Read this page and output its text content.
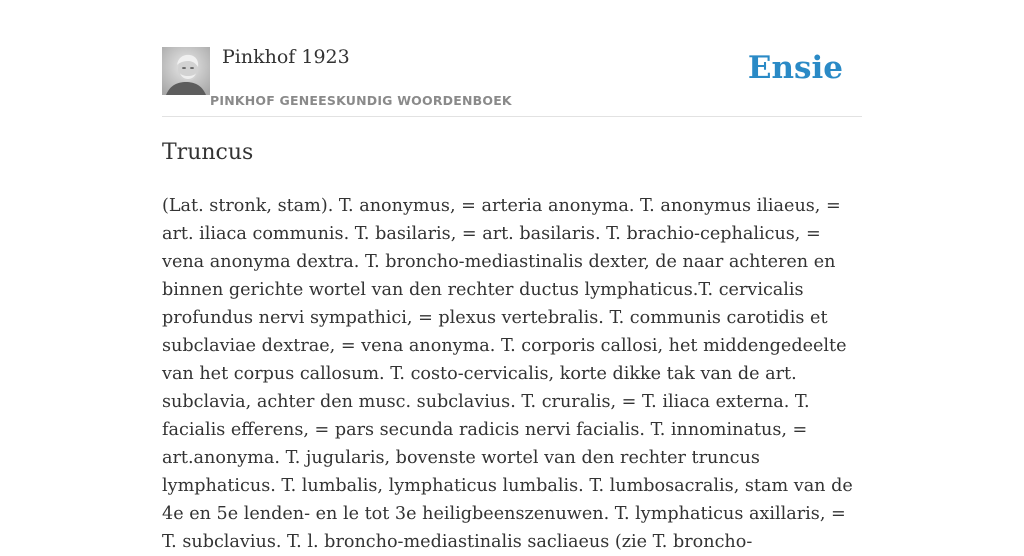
Pinkhof 1923
PINKHOF GENEESKUNDIG WOORDENBOEK
Ensie
Truncus

(Lat. stronk, stam). T. anonymus, = arteria anonyma. T. anonymus iliaeus, = art. iliaca communis. T. basilaris, = art. basilaris. T. brachio-cephalicus, = vena anonyma dextra. T. broncho-mediastinalis dexter, de naar achteren en binnen gerichte wortel van den rechter ductus lymphaticus.T. cervicalis profundus nervi sympathici, = plexus vertebralis. T. communis carotidis et subclaviae dextrae, = vena anonyma. T. corporis callosi, het middengedeelte van het corpus callosum. T. costo-cervicalis, korte dikke tak van de art. subclavia, achter den musc. subclavius. T. cruralis, = T. iliaca externa. T. facialis efferens, = pars secunda radicis nervi facialis. T. innominatus, = art.anonyma. T. jugularis, bovenste wortel van den rechter truncus lymphaticus. T. lumbalis, lymphaticus lumbalis. T. lumbosacralis, stam van de 4e en 5e lenden- en le tot 3e heiligbeenszenuwen. T. lymphaticus axillaris, = T. subclavius. T. l. broncho-mediastinalis sacliaeus (zie T. broncho-
